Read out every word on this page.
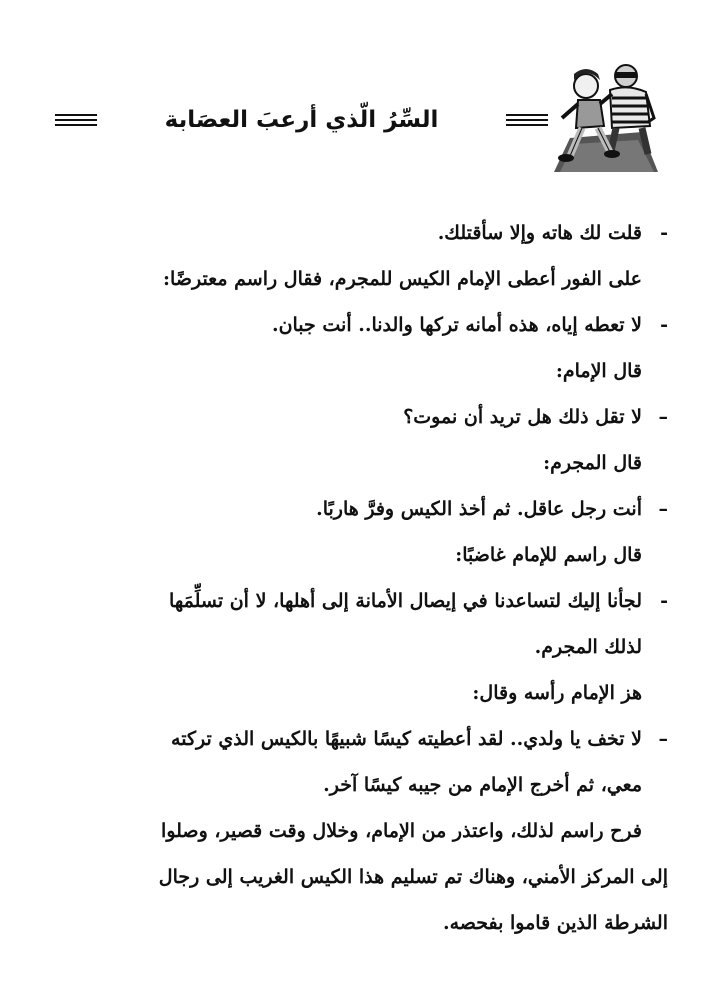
السِّرُ الّذي أرعبَ العصَابة
-
قلت لك هاته وإلا سأقتلك.
على الفور أعطى الإمام الكيس للمجرم، فقال راسم معترضًا:
-
لا تعطه إياه، هذه أمانه تركها والدنا.. أنت جبان.
قال الإمام:
–
لا تقل ذلك هل تريد أن نموت؟
قال المجرم:
–
أنت رجل عاقل. ثم أخذ الكيس وفرَّ هاربًا.
قال راسم للإمام غاضبًا:
-
لجأنا إليك لتساعدنا في إيصال الأمانة إلى أهلها، لا أن تسلِّمَها
لذلك المجرم.
هز الإمام رأسه وقال:
–
لا تخف يا ولدي.. لقد أعطيته كيسًا شبيهًا بالكيس الذي تركته
معي، ثم أخرج الإمام من جيبه كيسًا آخر.
فرح راسم لذلك، واعتذر من الإمام، وخلال وقت قصير، وصلوا
إلى المركز الأمني، وهناك تم تسليم هذا الكيس الغريب إلى رجال
الشرطة الذين قاموا بفحصه.
